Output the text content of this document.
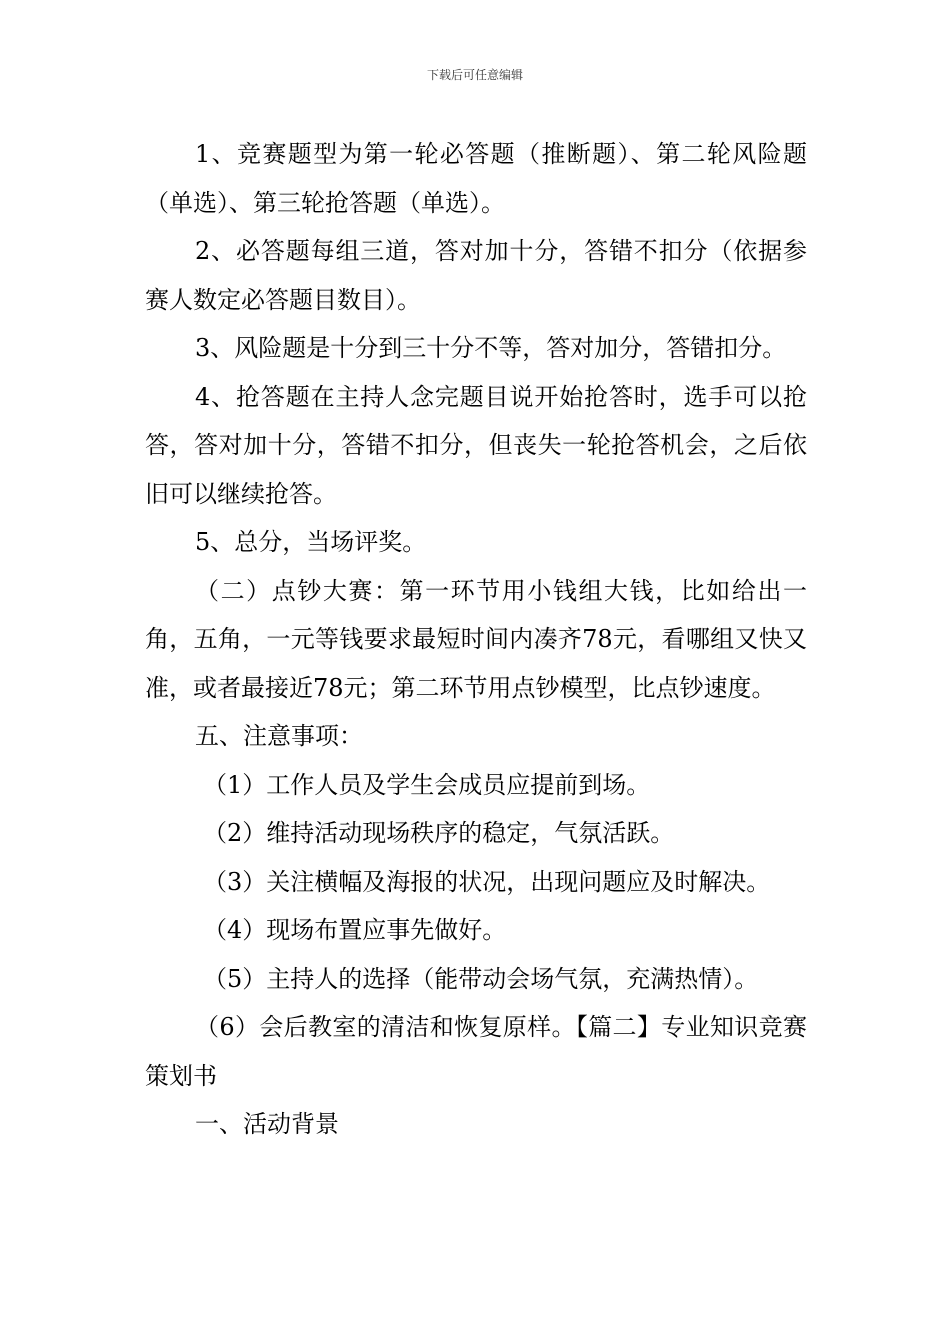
下载后可任意编辑

1、竞赛题型为第一轮必答题（推断题）、第二轮风险题（单选）、第三轮抢答题（单选）。

2、必答题每组三道，答对加十分，答错不扣分（依据参赛人数定必答题目数目）。

3、风险题是十分到三十分不等，答对加分，答错扣分。

4、抢答题在主持人念完题目说开始抢答时，选手可以抢答，答对加十分，答错不扣分，但丧失一轮抢答机会，之后依旧可以继续抢答。

5、总分，当场评奖。

（二）点钞大赛：第一环节用小钱组大钱，比如给出一角，五角，一元等钱要求最短时间内凑齐78元，看哪组又快又准，或者最接近78元；第二环节用点钞模型，比点钞速度。

五、注意事项：

（1）工作人员及学生会成员应提前到场。

（2）维持活动现场秩序的稳定，气氛活跃。

（3）关注横幅及海报的状况，出现问题应及时解决。

（4）现场布置应事先做好。

（5）主持人的选择（能带动会场气氛，充满热情）。

（6）会后教室的清洁和恢复原样。【篇二】专业知识竞赛策划书

一、活动背景
